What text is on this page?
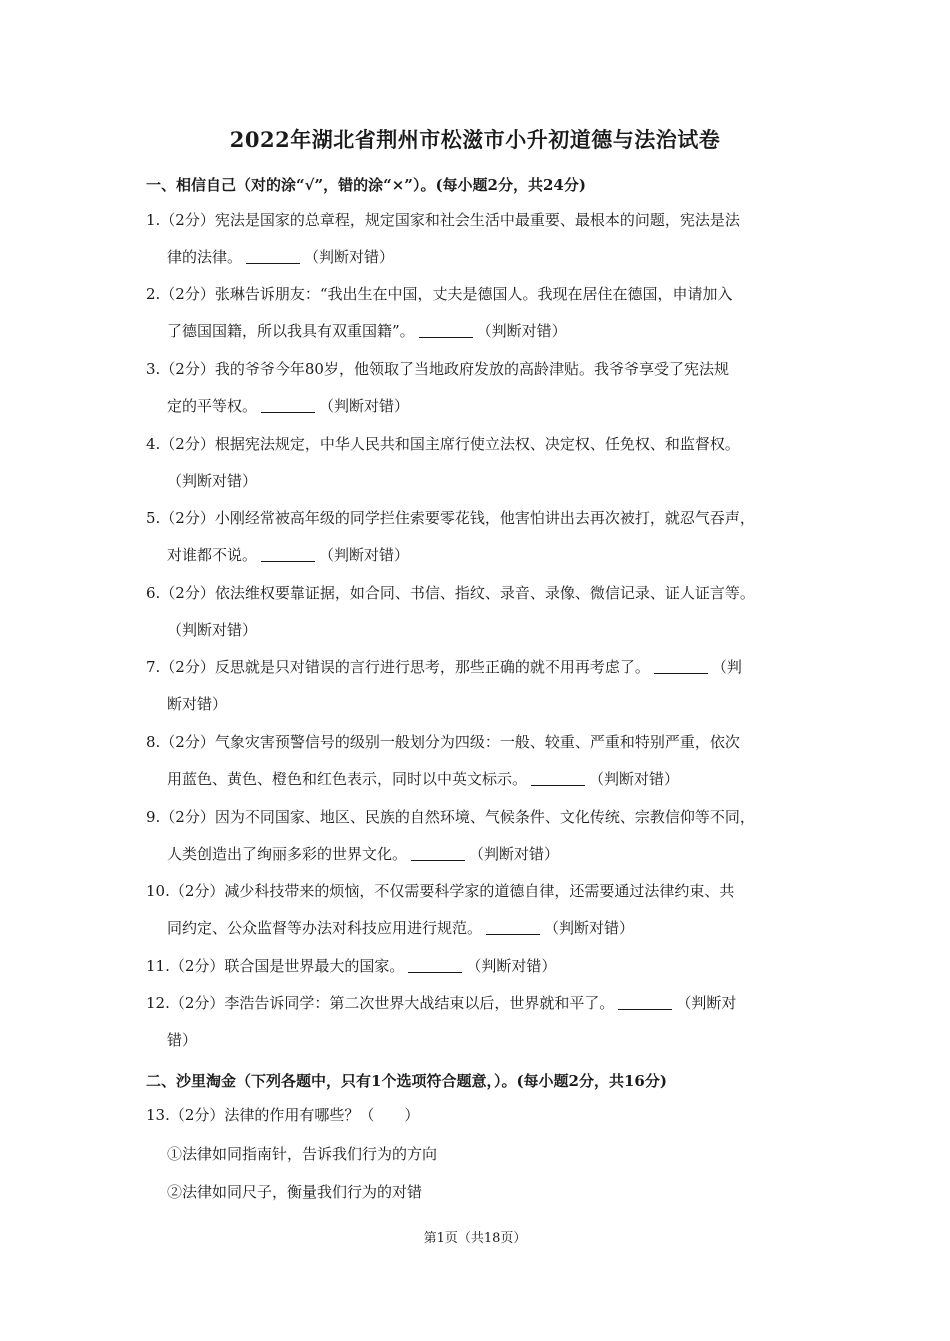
2022年湖北省荆州市松滋市小升初道德与法治试卷
一、相信自己（对的涂“√”，错的涂“×”）。(每小题2分，共24分)
1.（2分）宪法是国家的总章程，规定国家和社会生活中最重要、最根本的问题，宪法是法
律的法律。	（判断对错）
2.（2分）张琳告诉朋友：“我出生在中国，丈夫是德国人。我现在居住在德国，申请加入
了德国国籍，所以我具有双重国籍”。	（判断对错）
3.（2分）我的爷爷今年80岁，他领取了当地政府发放的高龄津贴。我爷爷享受了宪法规
定的平等权。	（判断对错）
4.（2分）根据宪法规定，中华人民共和国主席行使立法权、决定权、任免权、和监督权。
（判断对错）
5.（2分）小刚经常被高年级的同学拦住索要零花钱，他害怕讲出去再次被打，就忍气吞声，
对谁都不说。	（判断对错）
6.（2分）依法维权要靠证据，如合同、书信、指纹、录音、录像、微信记录、证人证言等。
（判断对错）
7.（2分）反思就是只对错误的言行进行思考，那些正确的就不用再考虑了。	（判
断对错）
8.（2分）气象灾害预警信号的级别一般划分为四级：一般、较重、严重和特别严重，依次
用蓝色、黄色、橙色和红色表示，同时以中英文标示。	（判断对错）
9.（2分）因为不同国家、地区、民族的自然环境、气候条件、文化传统、宗教信仰等不同，
人类创造出了绚丽多彩的世界文化。	（判断对错）
10.（2分）减少科技带来的烦恼，不仅需要科学家的道德自律，还需要通过法律约束、共
同约定、公众监督等办法对科技应用进行规范。	（判断对错）
11.（2分）联合国是世界最大的国家。	（判断对错）
12.（2分）李浩告诉同学：第二次世界大战结束以后，世界就和平了。	（判断对
错）
二、沙里淘金（下列各题中，只有1个选项符合题意，）。(每小题2分，共16分)
13.（2分）法律的作用有哪些？（　　）
①法律如同指南针，告诉我们行为的方向
②法律如同尺子，衡量我们行为的对错
第1页（共18页）
